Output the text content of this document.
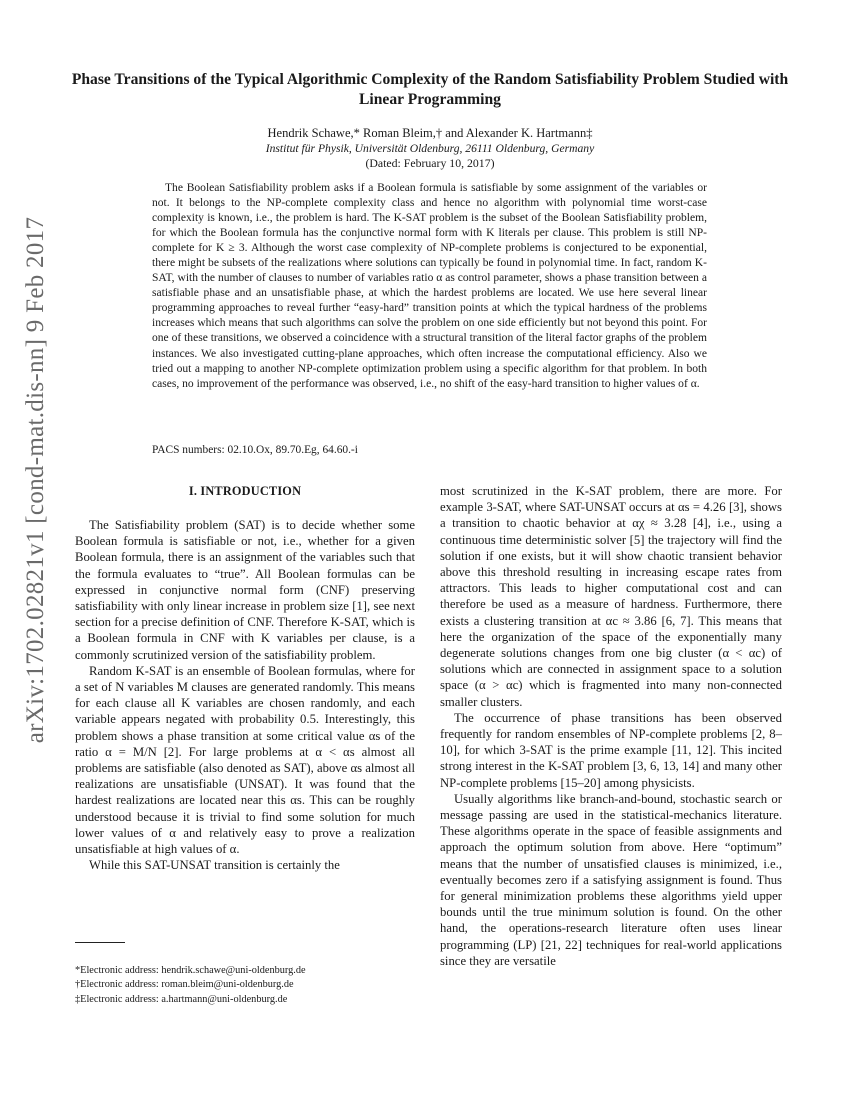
arXiv:1702.02821v1 [cond-mat.dis-nn] 9 Feb 2017
Phase Transitions of the Typical Algorithmic Complexity of the Random Satisfiability Problem Studied with Linear Programming
Hendrik Schawe,* Roman Bleim,† and Alexander K. Hartmann‡
Institut für Physik, Universität Oldenburg, 26111 Oldenburg, Germany
(Dated: February 10, 2017)

The Boolean Satisfiability problem asks if a Boolean formula is satisfiable by some assignment of the variables or not. It belongs to the NP-complete complexity class and hence no algorithm with polynomial time worst-case complexity is known, i.e., the problem is hard. The K-SAT problem is the subset of the Boolean Satisfiability problem, for which the Boolean formula has the conjunctive normal form with K literals per clause. This problem is still NP-complete for K ≥ 3. Although the worst case complexity of NP-complete problems is conjectured to be exponential, there might be subsets of the realizations where solutions can typically be found in polynomial time. In fact, random K-SAT, with the number of clauses to number of variables ratio α as control parameter, shows a phase transition between a satisfiable phase and an unsatisfiable phase, at which the hardest problems are located. We use here several linear programming approaches to reveal further “easy-hard” transition points at which the typical hardness of the problems increases which means that such algorithms can solve the problem on one side efficiently but not beyond this point. For one of these transitions, we observed a coincidence with a structural transition of the literal factor graphs of the problem instances. We also investigated cutting-plane approaches, which often increase the computational efficiency. Also we tried out a mapping to another NP-complete optimization problem using a specific algorithm for that problem. In both cases, no improvement of the performance was observed, i.e., no shift of the easy-hard transition to higher values of α.

PACS numbers: 02.10.Ox, 89.70.Eg, 64.60.-i
I. INTRODUCTION

The Satisfiability problem (SAT) is to decide whether some Boolean formula is satisfiable or not, i.e., whether for a given Boolean formula, there is an assignment of the variables such that the formula evaluates to “true”. All Boolean formulas can be expressed in conjunctive normal form (CNF) preserving satisfiability with only linear increase in problem size [1], see next section for a precise definition of CNF. Therefore K-SAT, which is a Boolean formula in CNF with K variables per clause, is a commonly scrutinized version of the satisfiability problem.

Random K-SAT is an ensemble of Boolean formulas, where for a set of N variables M clauses are generated randomly. This means for each clause all K variables are chosen randomly, and each variable appears negated with probability 0.5. Interestingly, this problem shows a phase transition at some critical value αs of the ratio α = M/N [2]. For large problems at α < αs almost all problems are satisfiable (also denoted as SAT), above αs almost all realizations are unsatisfiable (UNSAT). It was found that the hardest realizations are located near this αs. This can be roughly understood because it is trivial to find some solution for much lower values of α and relatively easy to prove a realization unsatisfiable at high values of α.

While this SAT-UNSAT transition is certainly the

most scrutinized in the K-SAT problem, there are more. For example 3-SAT, where SAT-UNSAT occurs at αs = 4.26 [3], shows a transition to chaotic behavior at αχ ≈ 3.28 [4], i.e., using a continuous time deterministic solver [5] the trajectory will find the solution if one exists, but it will show chaotic transient behavior above this threshold resulting in increasing escape rates from attractors. This leads to higher computational cost and can therefore be used as a measure of hardness. Furthermore, there exists a clustering transition at αc ≈ 3.86 [6, 7]. This means that here the organization of the space of the exponentially many degenerate solutions changes from one big cluster (α < αc) of solutions which are connected in assignment space to a solution space (α > αc) which is fragmented into many non-connected smaller clusters.

The occurrence of phase transitions has been observed frequently for random ensembles of NP-complete problems [2, 8–10], for which 3-SAT is the prime example [11, 12]. This incited strong interest in the K-SAT problem [3, 6, 13, 14] and many other NP-complete problems [15–20] among physicists.

Usually algorithms like branch-and-bound, stochastic search or message passing are used in the statistical-mechanics literature. These algorithms operate in the space of feasible assignments and approach the optimum solution from above. Here “optimum” means that the number of unsatisfied clauses is minimized, i.e., eventually becomes zero if a satisfying assignment is found. Thus for general minimization problems these algorithms yield upper bounds until the true minimum solution is found. On the other hand, the operations-research literature often uses linear programming (LP) [21, 22] techniques for real-world applications since they are versatile

*Electronic address: hendrik.schawe@uni-oldenburg.de
†Electronic address: roman.bleim@uni-oldenburg.de
‡Electronic address: a.hartmann@uni-oldenburg.de
